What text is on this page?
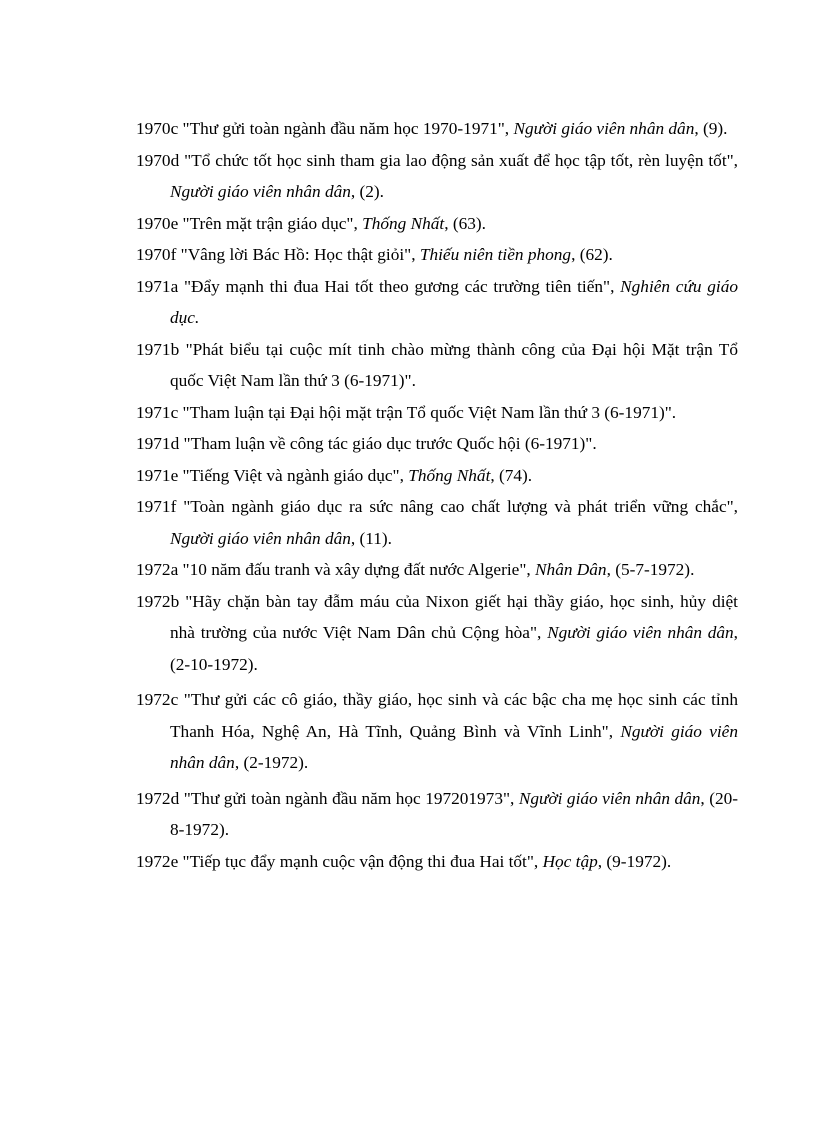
1970c "Thư gửi toàn ngành đầu năm học 1970-1971", Người giáo viên nhân dân, (9).

1970d "Tổ chức tốt học sinh tham gia lao động sản xuất để học tập tốt, rèn luyện tốt", Người giáo viên nhân dân, (2).

1970e "Trên mặt trận giáo dục", Thống Nhất, (63).

1970f "Vâng lời Bác Hồ: Học thật giỏi", Thiếu niên tiền phong, (62).

1971a "Đẩy mạnh thi đua Hai tốt theo gương các trường tiên tiến", Nghiên cứu giáo dục.

1971b "Phát biểu tại cuộc mít tinh chào mừng thành công của Đại hội Mặt trận Tổ quốc Việt Nam lần thứ 3 (6-1971)".

1971c "Tham luận tại Đại hội mặt trận Tổ quốc Việt Nam lần thứ 3 (6-1971)".

1971d "Tham luận về công tác giáo dục trước Quốc hội (6-1971)".

1971e "Tiếng Việt và ngành giáo dục", Thống Nhất, (74).

1971f "Toàn ngành giáo dục ra sức nâng cao chất lượng và phát triển vững chắc", Người giáo viên nhân dân, (11).

1972a "10 năm đấu tranh và xây dựng đất nước Algerie", Nhân Dân, (5-7-1972).

1972b "Hãy chặn bàn tay đẫm máu của Nixon giết hại thầy giáo, học sinh, hủy diệt nhà trường của nước Việt Nam Dân chủ Cộng hòa", Người giáo viên nhân dân, (2-10-1972).

1972c "Thư gửi các cô giáo, thầy giáo, học sinh và các bậc cha mẹ học sinh các tỉnh Thanh Hóa, Nghệ An, Hà Tĩnh, Quảng Bình và Vĩnh Linh", Người giáo viên nhân dân, (2-1972).

1972d "Thư gửi toàn ngành đầu năm học 197201973", Người giáo viên nhân dân, (20-8-1972).

1972e "Tiếp tục đẩy mạnh cuộc vận động thi đua Hai tốt", Học tập, (9-1972).
